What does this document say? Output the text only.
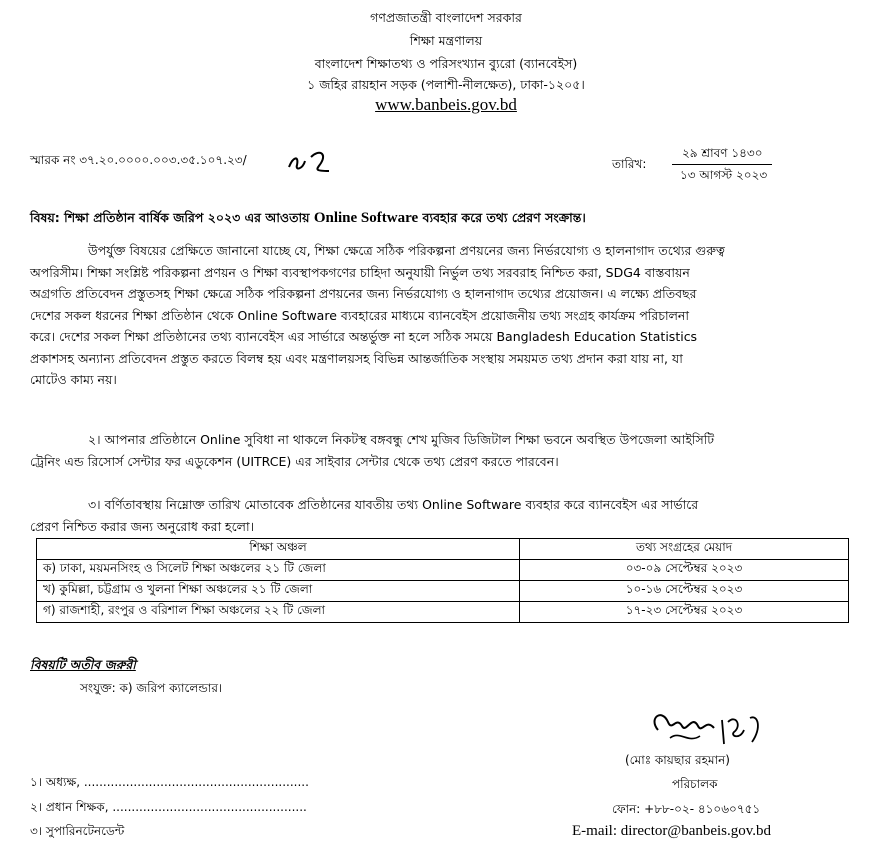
গণপ্রজাতন্ত্রী বাংলাদেশ সরকার
শিক্ষা মন্ত্রণালয়
বাংলাদেশ শিক্ষাতথ্য ও পরিসংখ্যান ব্যুরো (ব্যানবেইস)
১ জহির রায়হান সড়ক (পলাশী-নীলক্ষেত), ঢাকা-১২০৫।
www.banbeis.gov.bd
স্মারক নং ৩৭.২০.০০০০.০০৩.৩৫.১০৭.২৩/	তারিখ:
২৯ শ্রাবণ ১৪৩০
১৩ আগস্ট ২০২৩
বিষয়: শিক্ষা প্রতিষ্ঠান বার্ষিক জরিপ ২০২৩ এর আওতায় Online Software ব্যবহার করে তথ্য প্রেরণ সংক্রান্ত।
উপর্যুক্ত বিষয়ের প্রেক্ষিতে জানানো যাচ্ছে যে, শিক্ষা ক্ষেত্রে সঠিক পরিকল্পনা প্রণয়নের জন্য নির্ভরযোগ্য ও হালনাগাদ তথ্যের গুরুত্ব
অপরিসীম। শিক্ষা সংশ্লিষ্ট পরিকল্পনা প্রণয়ন ও শিক্ষা ব্যবস্থাপকগণের চাহিদা অনুযায়ী নির্ভুল তথ্য সরবরাহ নিশ্চিত করা, SDG4 বাস্তবায়ন
অগ্রগতি প্রতিবেদন প্রস্তুতসহ শিক্ষা ক্ষেত্রে সঠিক পরিকল্পনা প্রণয়নের জন্য নির্ভরযোগ্য ও হালনাগাদ তথ্যের প্রয়োজন। এ লক্ষ্যে প্রতিবছর
দেশের সকল ধরনের শিক্ষা প্রতিষ্ঠান থেকে Online Software ব্যবহারের মাধ্যমে ব্যানবেইস প্রয়োজনীয় তথ্য সংগ্রহ কার্যক্রম পরিচালনা
করে। দেশের সকল শিক্ষা প্রতিষ্ঠানের তথ্য ব্যানবেইস এর সার্ভারে অন্তর্ভুক্ত না হলে সঠিক সময়ে Bangladesh Education Statistics
প্রকাশসহ অন্যান্য প্রতিবেদন প্রস্তুত করতে বিলম্ব হয় এবং মন্ত্রণালয়সহ বিভিন্ন আন্তর্জাতিক সংস্থায় সময়মত তথ্য প্রদান করা যায় না, যা
মোটেও কাম্য নয়।
২। আপনার প্রতিষ্ঠানে Online সুবিধা না থাকলে নিকটস্থ বঙ্গবন্ধু শেখ মুজিব ডিজিটাল শিক্ষা ভবনে অবস্থিত উপজেলা আইসিটি
ট্রেনিং এন্ড রিসোর্স সেন্টার ফর এডুকেশন (UITRCE) এর সাইবার সেন্টার থেকে তথ্য প্রেরণ করতে পারবেন।
৩। বর্ণিতাবস্থায় নিম্নোক্ত তারিখ মোতাবেক প্রতিষ্ঠানের যাবতীয় তথ্য Online Software ব্যবহার করে ব্যানবেইস এর সার্ভারে
প্রেরণ নিশ্চিত করার জন্য অনুরোধ করা হলো।
শিক্ষা অঞ্চল	তথ্য সংগ্রহের মেয়াদ
ক) ঢাকা, ময়মনসিংহ ও সিলেট শিক্ষা অঞ্চলের ২১ টি জেলা	০৩-০৯ সেপ্টেম্বর ২০২৩
খ) কুমিল্লা, চট্টগ্রাম ও খুলনা শিক্ষা অঞ্চলের ২১ টি জেলা	১০-১৬ সেপ্টেম্বর ২০২৩
গ) রাজশাহী, রংপুর ও বরিশাল শিক্ষা অঞ্চলের ২২ টি জেলা	১৭-২৩ সেপ্টেম্বর ২০২৩
বিষয়টি অতীব জরুরী
সংযুক্ত: ক) জরিপ ক্যালেন্ডার।
(মোঃ কায়ছার রহমান)
পরিচালক
ফোন: +৮৮-০২- ৪১০৬০৭৫১
E-mail: director@banbeis.gov.bd
১। অধ্যক্ষ, ...........................................................
২। প্রধান শিক্ষক, ...................................................
৩। সুপারিনটেনডেন্ট
